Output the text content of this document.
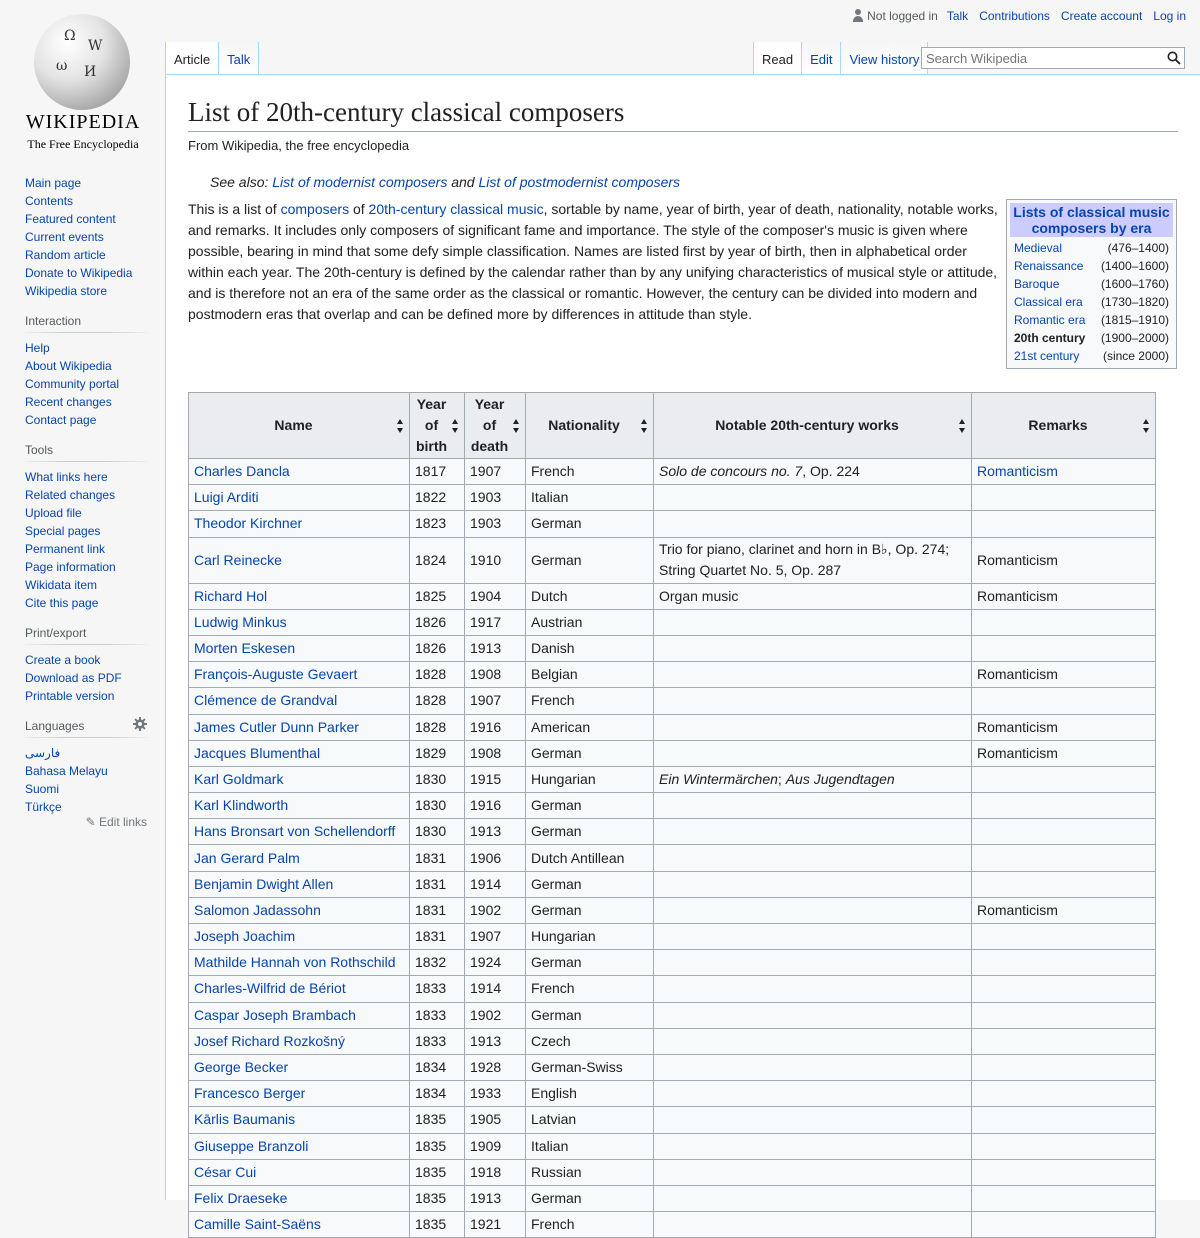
Not logged in Talk Contributions Create account Log in
Ω
W
ω И
WIKIPEDIA
The Free Encyclopedia
Article Talk	Read Edit View history
Search Wikipedia
Main page
Contents
Featured content
Current events
Random article
Donate to Wikipedia
Wikipedia store
Interaction
Help
About Wikipedia
Community portal
Recent changes
Contact page
Tools
What links here
Related changes
Upload file
Special pages
Permanent link
Page information
Wikidata item
Cite this page
Print/export
Create a book
Download as PDF
Printable version
Languages
فارسی
Bahasa Melayu
Suomi
Türkçe
✎ Edit links
List of 20th-century classical composers
From Wikipedia, the free encyclopedia
See also: List of modernist composers and List of postmodernist composers

This is a list of composers of 20th-century classical music, sortable by name, year of birth, year of death, nationality, notable works, and remarks. It includes only composers of significant fame and importance. The style of the composer's music is given where possible, bearing in mind that some defy simple classification. Names are listed first by year of birth, then in alphabetical order within each year. The 20th-century is defined by the calendar rather than by any unifying characteristics of musical style or attitude, and is therefore not an era of the same order as the classical or romantic. However, the century can be divided into modern and postmodern eras that overlap and can be defined more by differences in attitude than style.

Lists of classical music composers by era
Medieval	(476–1400)
Renaissance	(1400–1600)
Baroque	(1600–1760)
Classical era	(1730–1820)
Romantic era	(1815–1910)
20th century	(1900–2000)
21st century	(since 2000)
Name	Year of birth	Year of death	Nationality	Notable 20th-century works	Remarks

Charles Dancla	1817	1907	French	Solo de concours no. 7, Op. 224	Romanticism
Luigi Arditi	1822	1903	Italian		
Theodor Kirchner	1823	1903	German		
Carl Reinecke	1824	1910	German	Trio for piano, clarinet and horn in B♭, Op. 274; String Quartet No. 5, Op. 287	Romanticism
Richard Hol	1825	1904	Dutch	Organ music	Romanticism
Ludwig Minkus	1826	1917	Austrian		
Morten Eskesen	1826	1913	Danish		
François-Auguste Gevaert	1828	1908	Belgian		Romanticism
Clémence de Grandval	1828	1907	French		
James Cutler Dunn Parker	1828	1916	American		Romanticism
Jacques Blumenthal	1829	1908	German		Romanticism
Karl Goldmark	1830	1915	Hungarian	Ein Wintermärchen; Aus Jugendtagen	
Karl Klindworth	1830	1916	German		
Hans Bronsart von Schellendorff	1830	1913	German		
Jan Gerard Palm	1831	1906	Dutch Antillean		
Benjamin Dwight Allen	1831	1914	German		
Salomon Jadassohn	1831	1902	German		Romanticism
Joseph Joachim	1831	1907	Hungarian		
Mathilde Hannah von Rothschild	1832	1924	German		
Charles-Wilfrid de Bériot	1833	1914	French		
Caspar Joseph Brambach	1833	1902	German		
Josef Richard Rozkošný	1833	1913	Czech		
George Becker	1834	1928	German-Swiss		
Francesco Berger	1834	1933	English		
Kārlis Baumanis	1835	1905	Latvian		
Giuseppe Branzoli	1835	1909	Italian		
César Cui	1835	1918	Russian		
Felix Draeseke	1835	1913	German		
Camille Saint-Saëns	1835	1921	French		
